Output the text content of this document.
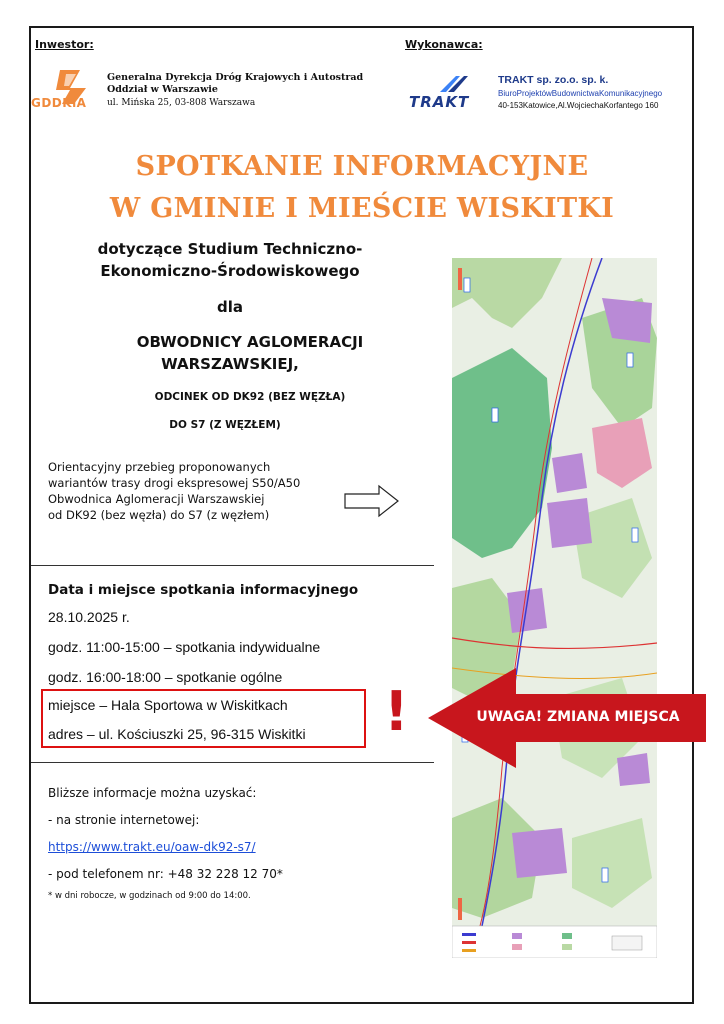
Inwestor:
GDDKiA
Generalna Dyrekcja Dróg Krajowych i Autostrad
Oddział w Warszawie
ul. Mińska 25, 03-808 Warszawa
Wykonawca:
TRAKT
TRAKT sp. zo.o. sp. k.
BiuroProjektówBudownictwaKomunikacyjnego
40-153Katowice,Al.WojciechaKorfantego 160
SPOTKANIE INFORMACYJNE
W GMINIE I MIEŚCIE WISKITKI
dotyczące Studium Techniczno-
Ekonomiczno-Środowiskowego
dla
OBWODNICY AGLOMERACJI
WARSZAWSKIEJ,
ODCINEK OD DK92 (BEZ WĘZŁA)
DO S7 (Z WĘZŁEM)
Orientacyjny przebieg proponowanych
wariantów trasy drogi ekspresowej S50/A50
Obwodnica Aglomeracji Warszawskiej
od DK92 (bez węzła) do S7 (z węzłem)
Data i miejsce spotkania informacyjnego
28.10.2025 r.
godz. 11:00-15:00 – spotkania indywidualne
godz. 16:00-18:00 – spotkanie ogólne
miejsce – Hala Sportowa w Wiskitkach
adres – ul. Kościuszki 25, 96-315 Wiskitki !
Bliższe informacje można uzyskać:
- na stronie internetowej:
https://www.trakt.eu/oaw-dk92-s7/
- pod telefonem nr: +48 32 228 12 70*
* w dni robocze, w godzinach od 9:00 do 14:00.
UWAGA! ZMIANA MIEJSCA
